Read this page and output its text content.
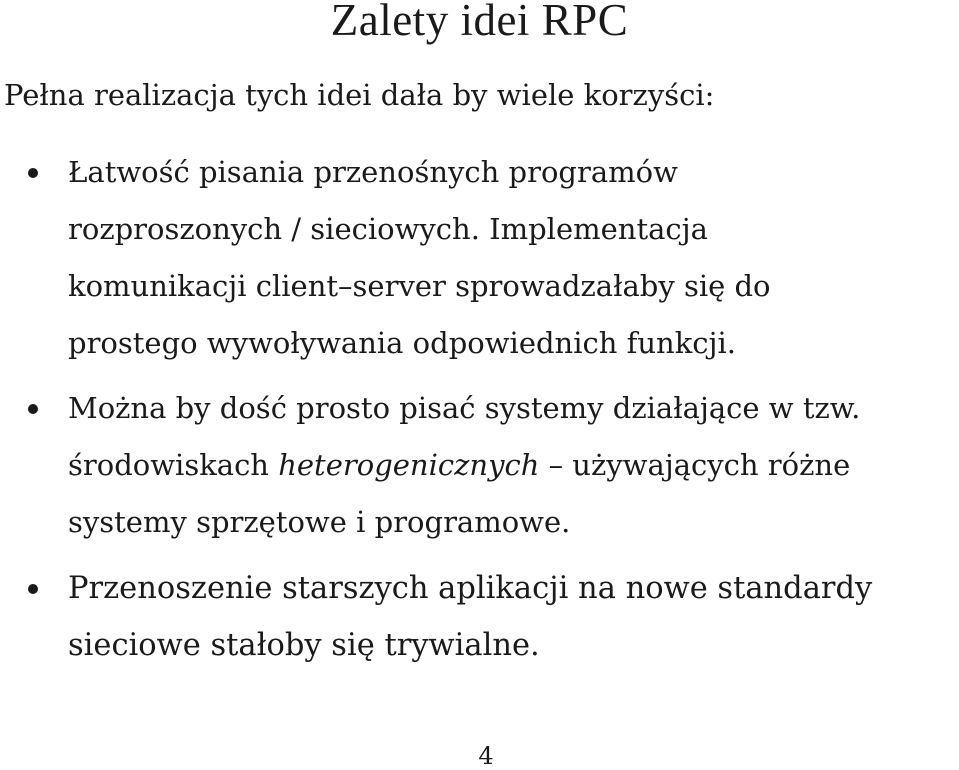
Zalety idei RPC

Pełna realizacja tych idei dała by wiele korzyści:

Łatwość pisania przenośnych programów
rozproszonych / sieciowych. Implementacja
komunikacji client–server sprowadzałaby się do
prostego wywoływania odpowiednich funkcji.
Można by dość prosto pisać systemy działające w tzw.
środowiskach heterogenicznych – używających różne
systemy sprzętowe i programowe.
Przenoszenie starszych aplikacji na nowe standardy
sieciowe stałoby się trywialne.
4
